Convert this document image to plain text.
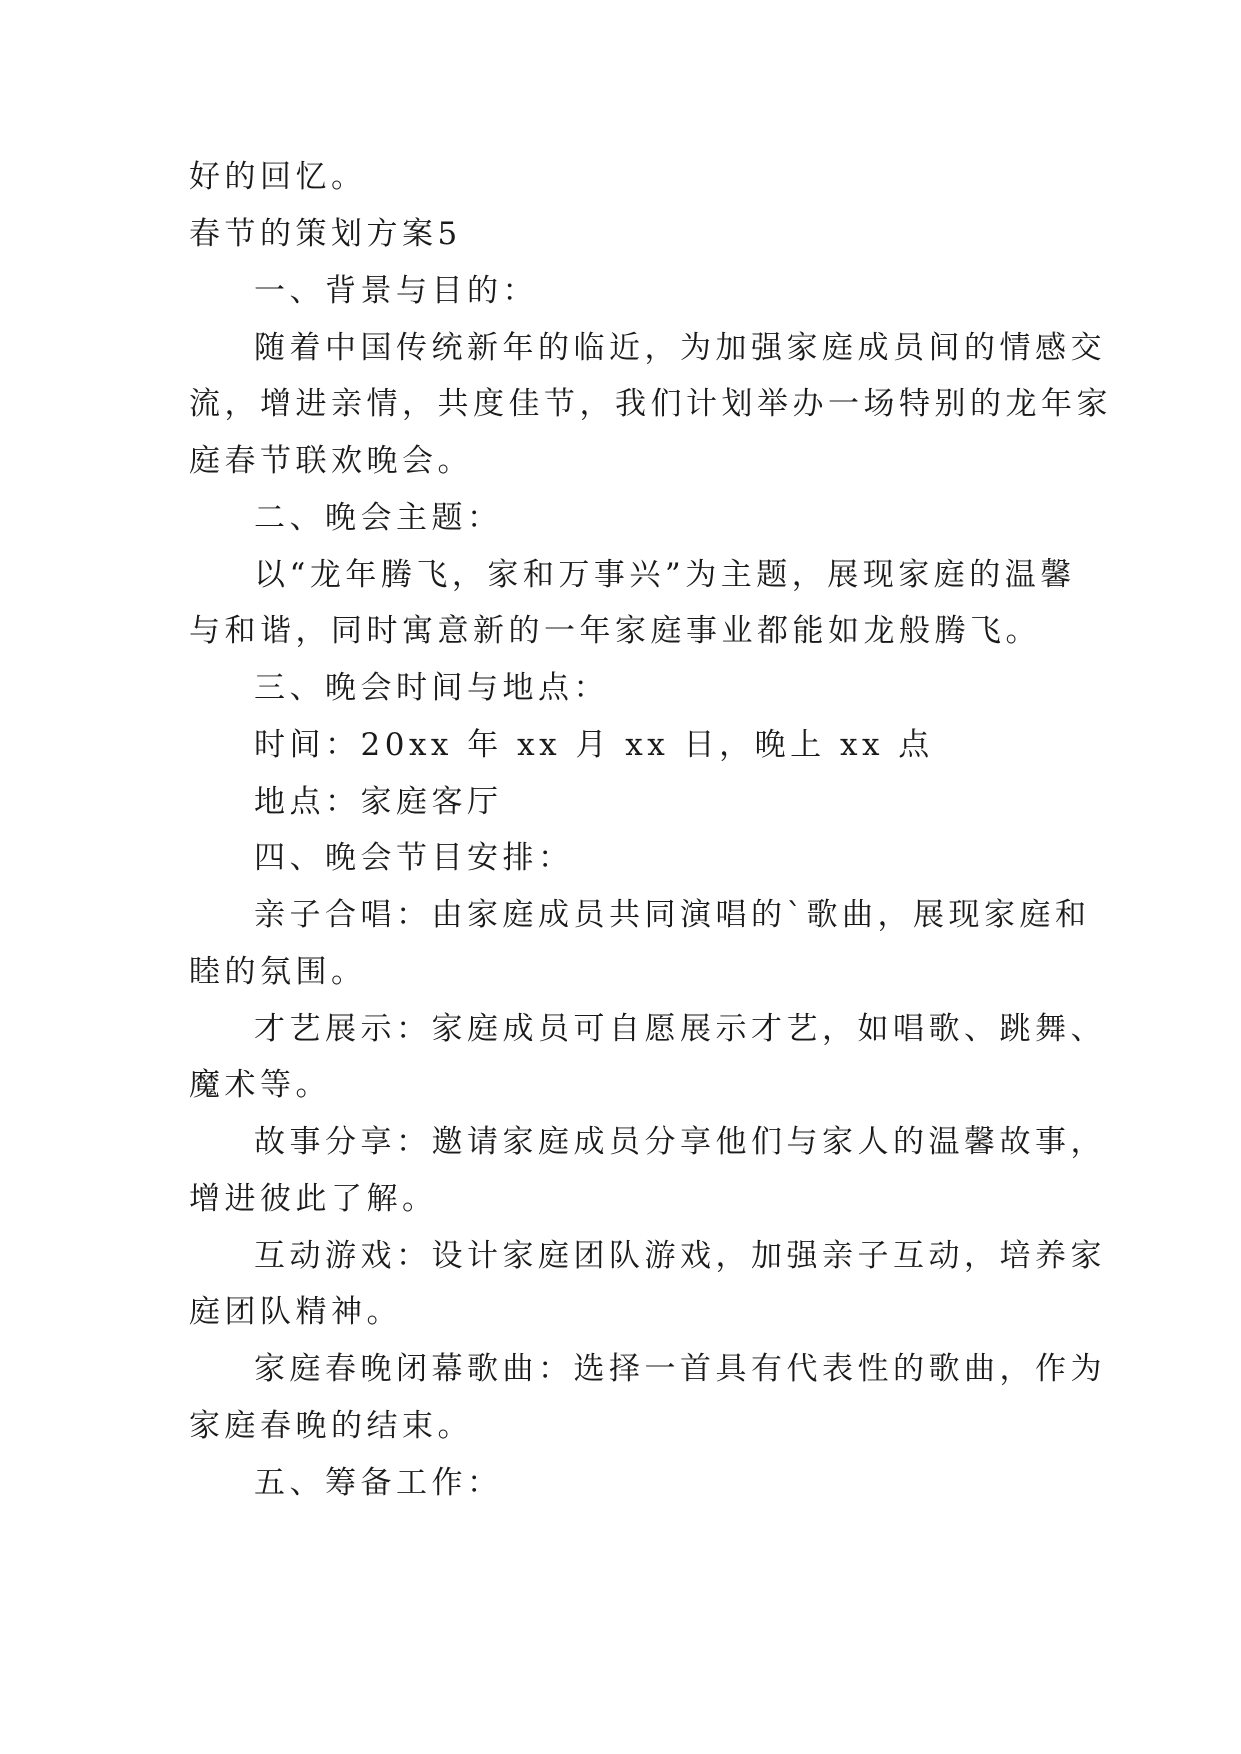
好的回忆。
春节的策划方案5
一、背景与目的：
随着中国传统新年的临近，为加强家庭成员间的情感交
流，增进亲情，共度佳节，我们计划举办一场特别的龙年家
庭春节联欢晚会。
二、晚会主题：
以“龙年腾飞，家和万事兴”为主题，展现家庭的温馨
与和谐，同时寓意新的一年家庭事业都能如龙般腾飞。
三、晚会时间与地点：
时间：20xx 年 xx 月 xx 日，晚上 xx 点
地点：家庭客厅
四、晚会节目安排：
亲子合唱：由家庭成员共同演唱的`歌曲，展现家庭和
睦的氛围。
才艺展示：家庭成员可自愿展示才艺，如唱歌、跳舞、
魔术等。
故事分享：邀请家庭成员分享他们与家人的温馨故事，
增进彼此了解。
互动游戏：设计家庭团队游戏，加强亲子互动，培养家
庭团队精神。
家庭春晚闭幕歌曲：选择一首具有代表性的歌曲，作为
家庭春晚的结束。
五、筹备工作：
